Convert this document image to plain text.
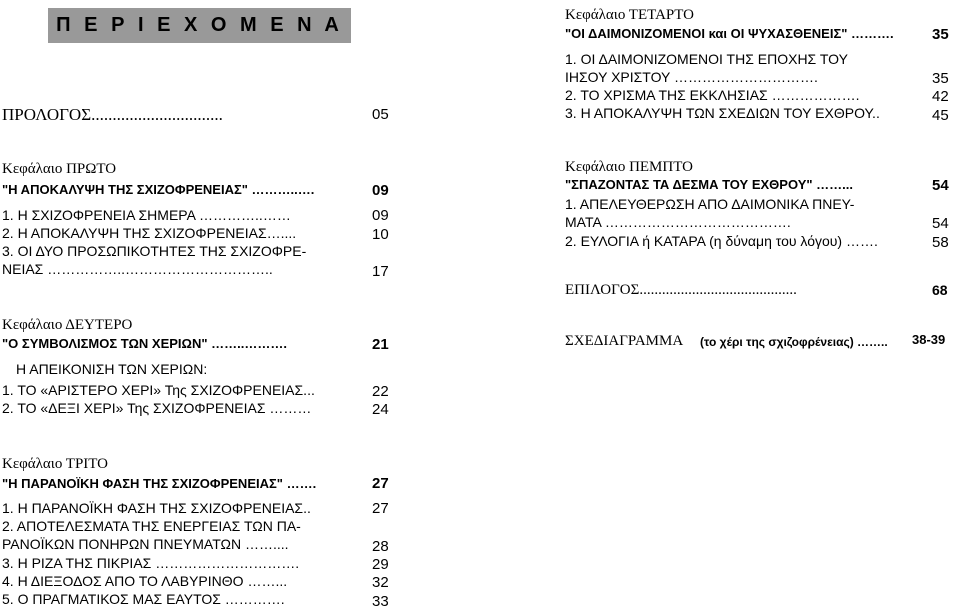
Π Ε Ρ Ι Ε Χ Ο Μ Ε Ν Α
ΠΡΟΛΟΓΟΣ...............................	05
Κεφάλαιο ΠΡΩΤΟ
"Η ΑΠΟΚΑΛΥΨΗ ΤΗΣ ΣΧΙΖΟΦΡΕΝΕΙΑΣ" ………..….	09
1. Η ΣΧΙΖΟΦΡΕΝΕΙΑ ΣΗΜΕΡΑ …………..……	09
2. Η ΑΠΟΚΑΛΥΨΗ ΤΗΣ ΣΧΙΖΟΦΡΕΝΕΙΑΣ…....	10
3. ΟΙ ΔΥΟ ΠΡΟΣΩΠΙΚΟΤΗΤΕΣ ΤΗΣ ΣΧΙΖΟΦΡΕ-
ΝΕΙΑΣ ……………..…………………………..	17
Κεφάλαιο ΔΕΥΤΕΡΟ
"Ο ΣΥΜΒΟΛΙΣΜΟΣ ΤΩΝ ΧΕΡΙΩΝ" ……..……….	21
Η ΑΠΕΙΚΟΝΙΣΗ ΤΩΝ ΧΕΡΙΩΝ:
1. ΤΟ «ΑΡΙΣΤΕΡΟ ΧΕΡΙ» Της ΣΧΙΖΟΦΡΕΝΕΙΑΣ...	22
2. ΤΟ «ΔΕΞΙ ΧΕΡΙ» Της ΣΧΙΖΟΦΡΕΝΕΙΑΣ ………	24
Κεφάλαιο ΤΡΙΤΟ
"Η ΠΑΡΑΝΟΪΚΗ ΦΑΣΗ ΤΗΣ ΣΧΙΖΟΦΡΕΝΕΙΑΣ" …….	27
1. Η ΠΑΡΑΝΟΪΚΗ ΦΑΣΗ ΤΗΣ ΣΧΙΖΟΦΡΕΝΕΙΑΣ..	27
2. ΑΠΟΤΕΛΕΣΜΑΤΑ ΤΗΣ ΕΝΕΡΓΕΙΑΣ ΤΩΝ ΠΑ-
ΡΑΝΟΪΚΩΝ ΠΟΝΗΡΩΝ ΠΝΕΥΜΑΤΩΝ ……....	28
3. Η ΡΙΖΑ ΤΗΣ ΠΙΚΡΙΑΣ ………………………….	29
4. Η ΔΙΕΞΟΔΟΣ ΑΠΟ ΤΟ ΛΑΒΥΡΙΝΘΟ ……...	32
5. Ο ΠΡΑΓΜΑΤΙΚΟΣ ΜΑΣ ΕΑΥΤΟΣ ………….	33
Κεφάλαιο ΤΕΤΑΡΤΟ
"ΟΙ ΔΑΙΜΟΝΙΖΟΜΕΝΟΙ και ΟΙ ΨΥΧΑΣΘΕΝΕΙΣ" ……….	35
1. ΟΙ ΔΑΙΜΟΝΙΖΟΜΕΝΟΙ ΤΗΣ ΕΠΟΧΗΣ ΤΟΥ
ΙΗΣΟΥ ΧΡΙΣΤΟΥ ………………………….	35
2. ΤΟ ΧΡΙΣΜΑ ΤΗΣ ΕΚΚΛΗΣΙΑΣ ……………….	42
3. Η ΑΠΟΚΑΛΥΨΗ ΤΩΝ ΣΧΕΔΙΩΝ ΤΟΥ ΕΧΘΡΟΥ..	45
Κεφάλαιο ΠΕΜΠΤΟ
"ΣΠΑΖΟΝΤΑΣ ΤΑ ΔΕΣΜΑ ΤΟΥ ΕΧΘΡΟΥ" ……...	54
1. ΑΠΕΛΕΥΘΕΡΩΣΗ ΑΠΟ ΔΑΙΜΟΝΙΚΑ ΠΝΕΥ-
ΜΑΤΑ ………………………………….	54
2. ΕΥΛΟΓΙΑ ή ΚΑΤΑΡΑ (η δύναμη του λόγου) …….	58
ΕΠΙΛΟΓΟΣ..........................................	68
ΣΧΕΔΙΑΓΡΑΜΜΑ (το χέρι της σχιζοφρένειας) …….. 38-39
